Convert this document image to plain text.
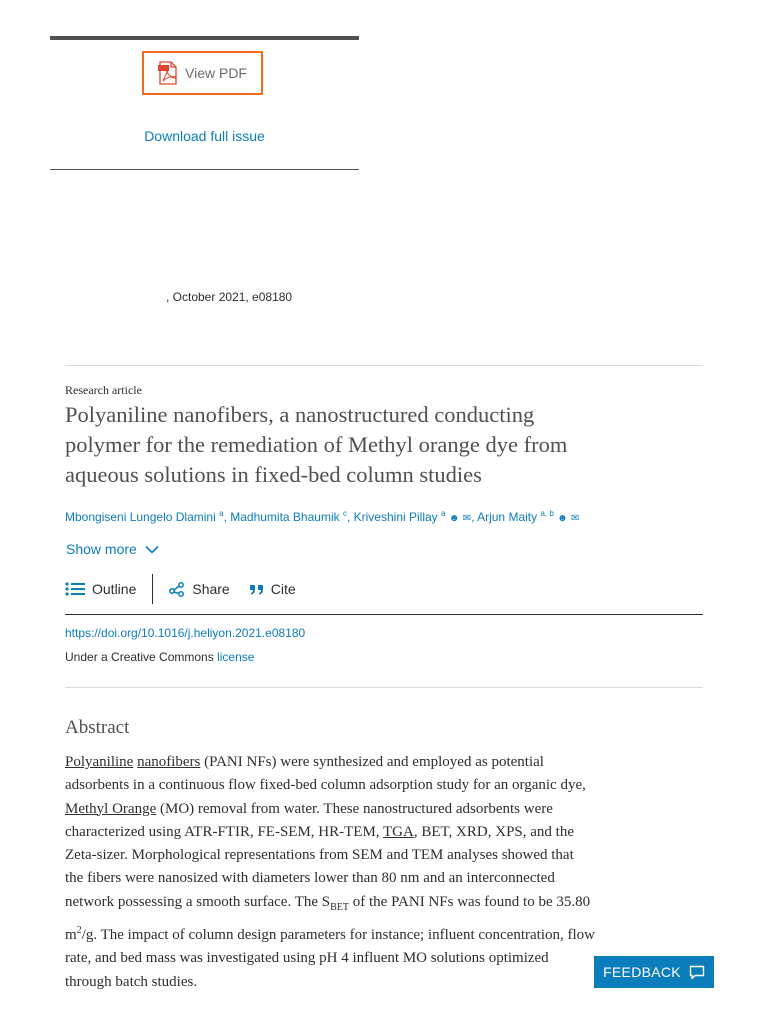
View PDF
Download full issue
, October 2021, e08180
Research article
Polyaniline nanofibers, a nanostructured conducting polymer for the remediation of Methyl orange dye from aqueous solutions in fixed-bed column studies
Mbongiseni Lungelo Dlamini $^a$, Madhumita Bhaumik $^c$, Kriveshini Pillay $^a$ ☻ ✉, Arjun Maity $^{a, b}$ ☻ ✉
Show more
Outline	Share	Cite
https://doi.org/10.1016/j.heliyon.2021.e08180
Under a Creative Commons license
Abstract

Polyaniline nanofibers (PANI NFs) were synthesized and employed as potential adsorbents in a continuous flow fixed-bed column adsorption study for an organic dye, Methyl Orange (MO) removal from water. These nanostructured adsorbents were characterized using ATR-FTIR, FE-SEM, HR-TEM, TGA, BET, XRD, XPS, and the Zeta-sizer. Morphological representations from SEM and TEM analyses showed that the fibers were nanosized with diameters lower than 80 nm and an interconnected network possessing a smooth surface. The $S_{BET}$ of the PANI NFs was found to be 35.80 $m^2/g$. The impact of column design parameters for instance; influent concentration, flow rate, and bed mass was investigated using pH 4 influent MO solutions optimized through batch studies.

FEEDBACK
